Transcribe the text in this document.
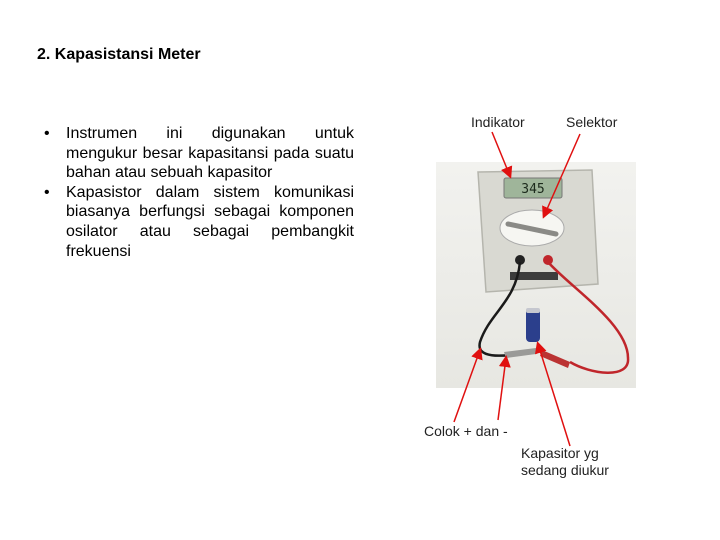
2. Kapasistansi Meter
• Instrumen ini digunakan untuk mengukur besar kapasitansi pada suatu bahan atau sebuah kapasitor
• Kapasistor dalam sistem komunikasi biasanya berfungsi sebagai komponen osilator atau sebagai pembangkit frekuensi
345
Indikator	Selektor
Colok + dan -
Kapasitor yg
sedang diukur
